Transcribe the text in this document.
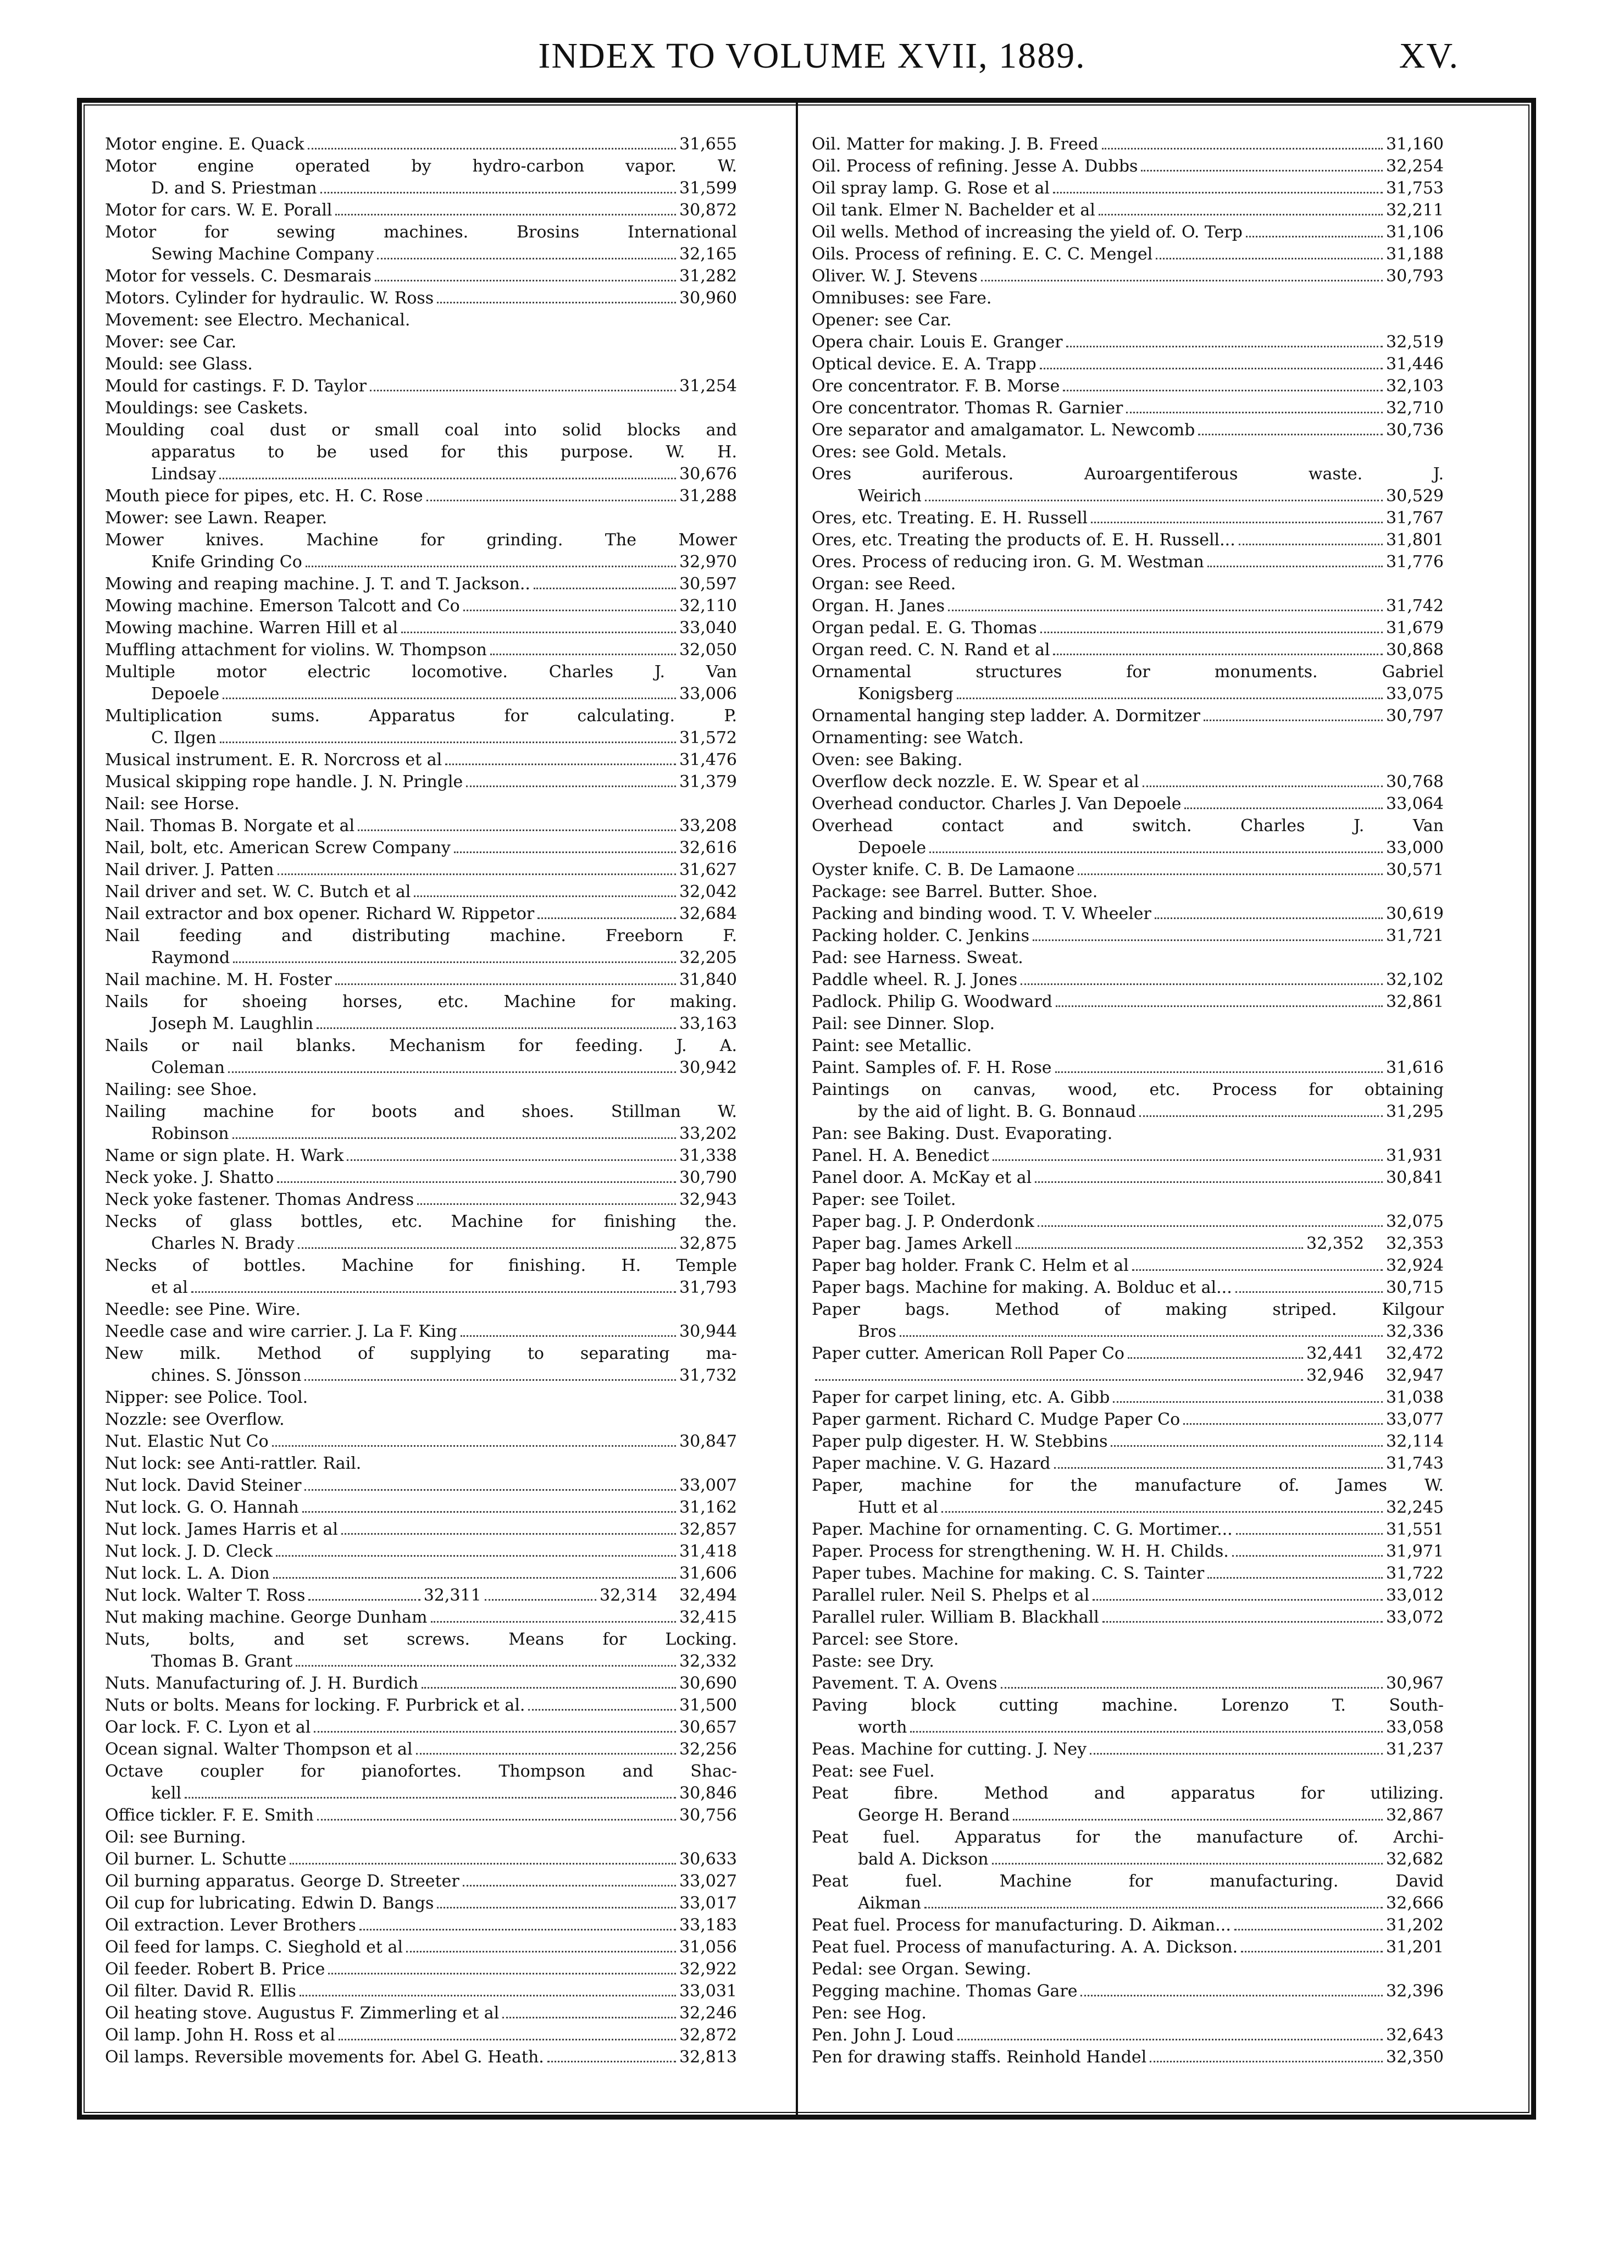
INDEX TO VOLUME XVII, 1889.	XV.
Motor engine. E. Quack	31,655
Motor engine operated by hydro-carbon vapor. W.
D. and S. Priestman	31,599
Motor for cars. W. E. Porall	30,872
Motor for sewing machines. Brosins International
Sewing Machine Company	32,165
Motor for vessels. C. Desmarais	31,282
Motors. Cylinder for hydraulic. W. Ross	30,960
Movement: see Electro. Mechanical.
Mover: see Car.
Mould: see Glass.
Mould for castings. F. D. Taylor	31,254
Mouldings: see Caskets.
Moulding coal dust or small coal into solid blocks and
apparatus to be used for this purpose. W. H.
Lindsay	30,676
Mouth piece for pipes, etc. H. C. Rose	31,288
Mower: see Lawn. Reaper.
Mower knives. Machine for grinding. The Mower
Knife Grinding Co	32,970
Mowing and reaping machine. J. T. and T. Jackson..	30,597
Mowing machine. Emerson Talcott and Co	32,110
Mowing machine. Warren Hill et al	33,040
Muffling attachment for violins. W. Thompson	32,050
Multiple motor electric locomotive. Charles J. Van
Depoele	33,006
Multiplication sums. Apparatus for calculating. P.
C. Ilgen	31,572
Musical instrument. E. R. Norcross et al	31,476
Musical skipping rope handle. J. N. Pringle	31,379
Nail: see Horse.
Nail. Thomas B. Norgate et al	33,208
Nail, bolt, etc. American Screw Company	32,616
Nail driver. J. Patten	31,627
Nail driver and set. W. C. Butch et al	32,042
Nail extractor and box opener. Richard W. Rippetor	32,684
Nail feeding and distributing machine. Freeborn F.
Raymond	32,205
Nail machine. M. H. Foster	31,840
Nails for shoeing horses, etc. Machine for making.
Joseph M. Laughlin	33,163
Nails or nail blanks. Mechanism for feeding. J. A.
Coleman	30,942
Nailing: see Shoe.
Nailing machine for boots and shoes. Stillman W.
Robinson	33,202
Name or sign plate. H. Wark	31,338
Neck yoke. J. Shatto	30,790
Neck yoke fastener. Thomas Andress	32,943
Necks of glass bottles, etc. Machine for finishing the.
Charles N. Brady	32,875
Necks of bottles. Machine for finishing. H. Temple
et al	31,793
Needle: see Pine. Wire.
Needle case and wire carrier. J. La F. King	30,944
New milk. Method of supplying to separating ma-
chines. S. Jönsson	31,732
Nipper: see Police. Tool.
Nozzle: see Overflow.
Nut. Elastic Nut Co	30,847
Nut lock: see Anti-rattler. Rail.
Nut lock. David Steiner	33,007
Nut lock. G. O. Hannah	31,162
Nut lock. James Harris et al	32,857
Nut lock. J. D. Cleck	31,418
Nut lock. L. A. Dion	31,606
Nut lock. Walter T. Ross	32,311	32,314 32,494
Nut making machine. George Dunham	32,415
Nuts, bolts, and set screws. Means for Locking.
Thomas B. Grant	32,332
Nuts. Manufacturing of. J. H. Burdich	30,690
Nuts or bolts. Means for locking. F. Purbrick et al.	31,500
Oar lock. F. C. Lyon et al	30,657
Ocean signal. Walter Thompson et al	32,256
Octave coupler for pianofortes. Thompson and Shac-
kell	30,846
Office tickler. F. E. Smith	30,756
Oil: see Burning.
Oil burner. L. Schutte	30,633
Oil burning apparatus. George D. Streeter	33,027
Oil cup for lubricating. Edwin D. Bangs	33,017
Oil extraction. Lever Brothers	33,183
Oil feed for lamps. C. Sieghold et al	31,056
Oil feeder. Robert B. Price	32,922
Oil filter. David R. Ellis	33,031
Oil heating stove. Augustus F. Zimmerling et al	32,246
Oil lamp. John H. Ross et al	32,872
Oil lamps. Reversible movements for. Abel G. Heath.	32,813
Oil. Matter for making. J. B. Freed	31,160
Oil. Process of refining. Jesse A. Dubbs	32,254
Oil spray lamp. G. Rose et al	31,753
Oil tank. Elmer N. Bachelder et al	32,211
Oil wells. Method of increasing the yield of. O. Terp	31,106
Oils. Process of refining. E. C. C. Mengel	31,188
Oliver. W. J. Stevens	30,793
Omnibuses: see Fare.
Opener: see Car.
Opera chair. Louis E. Granger	32,519
Optical device. E. A. Trapp	31,446
Ore concentrator. F. B. Morse	32,103
Ore concentrator. Thomas R. Garnier	32,710
Ore separator and amalgamator. L. Newcomb	30,736
Ores: see Gold. Metals.
Ores auriferous. Auroargentiferous waste. J.
Weirich	30,529
Ores, etc. Treating. E. H. Russell	31,767
Ores, etc. Treating the products of. E. H. Russell...	31,801
Ores. Process of reducing iron. G. M. Westman	31,776
Organ: see Reed.
Organ. H. Janes	31,742
Organ pedal. E. G. Thomas	31,679
Organ reed. C. N. Rand et al	30,868
Ornamental structures for monuments. Gabriel
Konigsberg	33,075
Ornamental hanging step ladder. A. Dormitzer	30,797
Ornamenting: see Watch.
Oven: see Baking.
Overflow deck nozzle. E. W. Spear et al	30,768
Overhead conductor. Charles J. Van Depoele	33,064
Overhead contact and switch. Charles J. Van
Depoele	33,000
Oyster knife. C. B. De Lamaone	30,571
Package: see Barrel. Butter. Shoe.
Packing and binding wood. T. V. Wheeler	30,619
Packing holder. C. Jenkins	31,721
Pad: see Harness. Sweat.
Paddle wheel. R. J. Jones	32,102
Padlock. Philip G. Woodward	32,861
Pail: see Dinner. Slop.
Paint: see Metallic.
Paint. Samples of. F. H. Rose	31,616
Paintings on canvas, wood, etc. Process for obtaining
by the aid of light. B. G. Bonnaud	31,295
Pan: see Baking. Dust. Evaporating.
Panel. H. A. Benedict	31,931
Panel door. A. McKay et al	30,841
Paper: see Toilet.
Paper bag. J. P. Onderdonk	32,075
Paper bag. James Arkell	32,352 32,353
Paper bag holder. Frank C. Helm et al	32,924
Paper bags. Machine for making. A. Bolduc et al...	30,715
Paper bags. Method of making striped. Kilgour
Bros	32,336
Paper cutter. American Roll Paper Co	32,441 32,472
32,946 32,947
Paper for carpet lining, etc. A. Gibb	31,038
Paper garment. Richard C. Mudge Paper Co	33,077
Paper pulp digester. H. W. Stebbins	32,114
Paper machine. V. G. Hazard	31,743
Paper, machine for the manufacture of. James W.
Hutt et al	32,245
Paper. Machine for ornamenting. C. G. Mortimer...	31,551
Paper. Process for strengthening. W. H. H. Childs.	31,971
Paper tubes. Machine for making. C. S. Tainter	31,722
Parallel ruler. Neil S. Phelps et al	33,012
Parallel ruler. William B. Blackhall	33,072
Parcel: see Store.
Paste: see Dry.
Pavement. T. A. Ovens	30,967
Paving block cutting machine. Lorenzo T. South-
worth	33,058
Peas. Machine for cutting. J. Ney	31,237
Peat: see Fuel.
Peat fibre. Method and apparatus for utilizing.
George H. Berand	32,867
Peat fuel. Apparatus for the manufacture of. Archi-
bald A. Dickson	32,682
Peat fuel. Machine for manufacturing. David
Aikman	32,666
Peat fuel. Process for manufacturing. D. Aikman...	31,202
Peat fuel. Process of manufacturing. A. A. Dickson.	31,201
Pedal: see Organ. Sewing.
Pegging machine. Thomas Gare	32,396
Pen: see Hog.
Pen. John J. Loud	32,643
Pen for drawing staffs. Reinhold Handel	32,350
